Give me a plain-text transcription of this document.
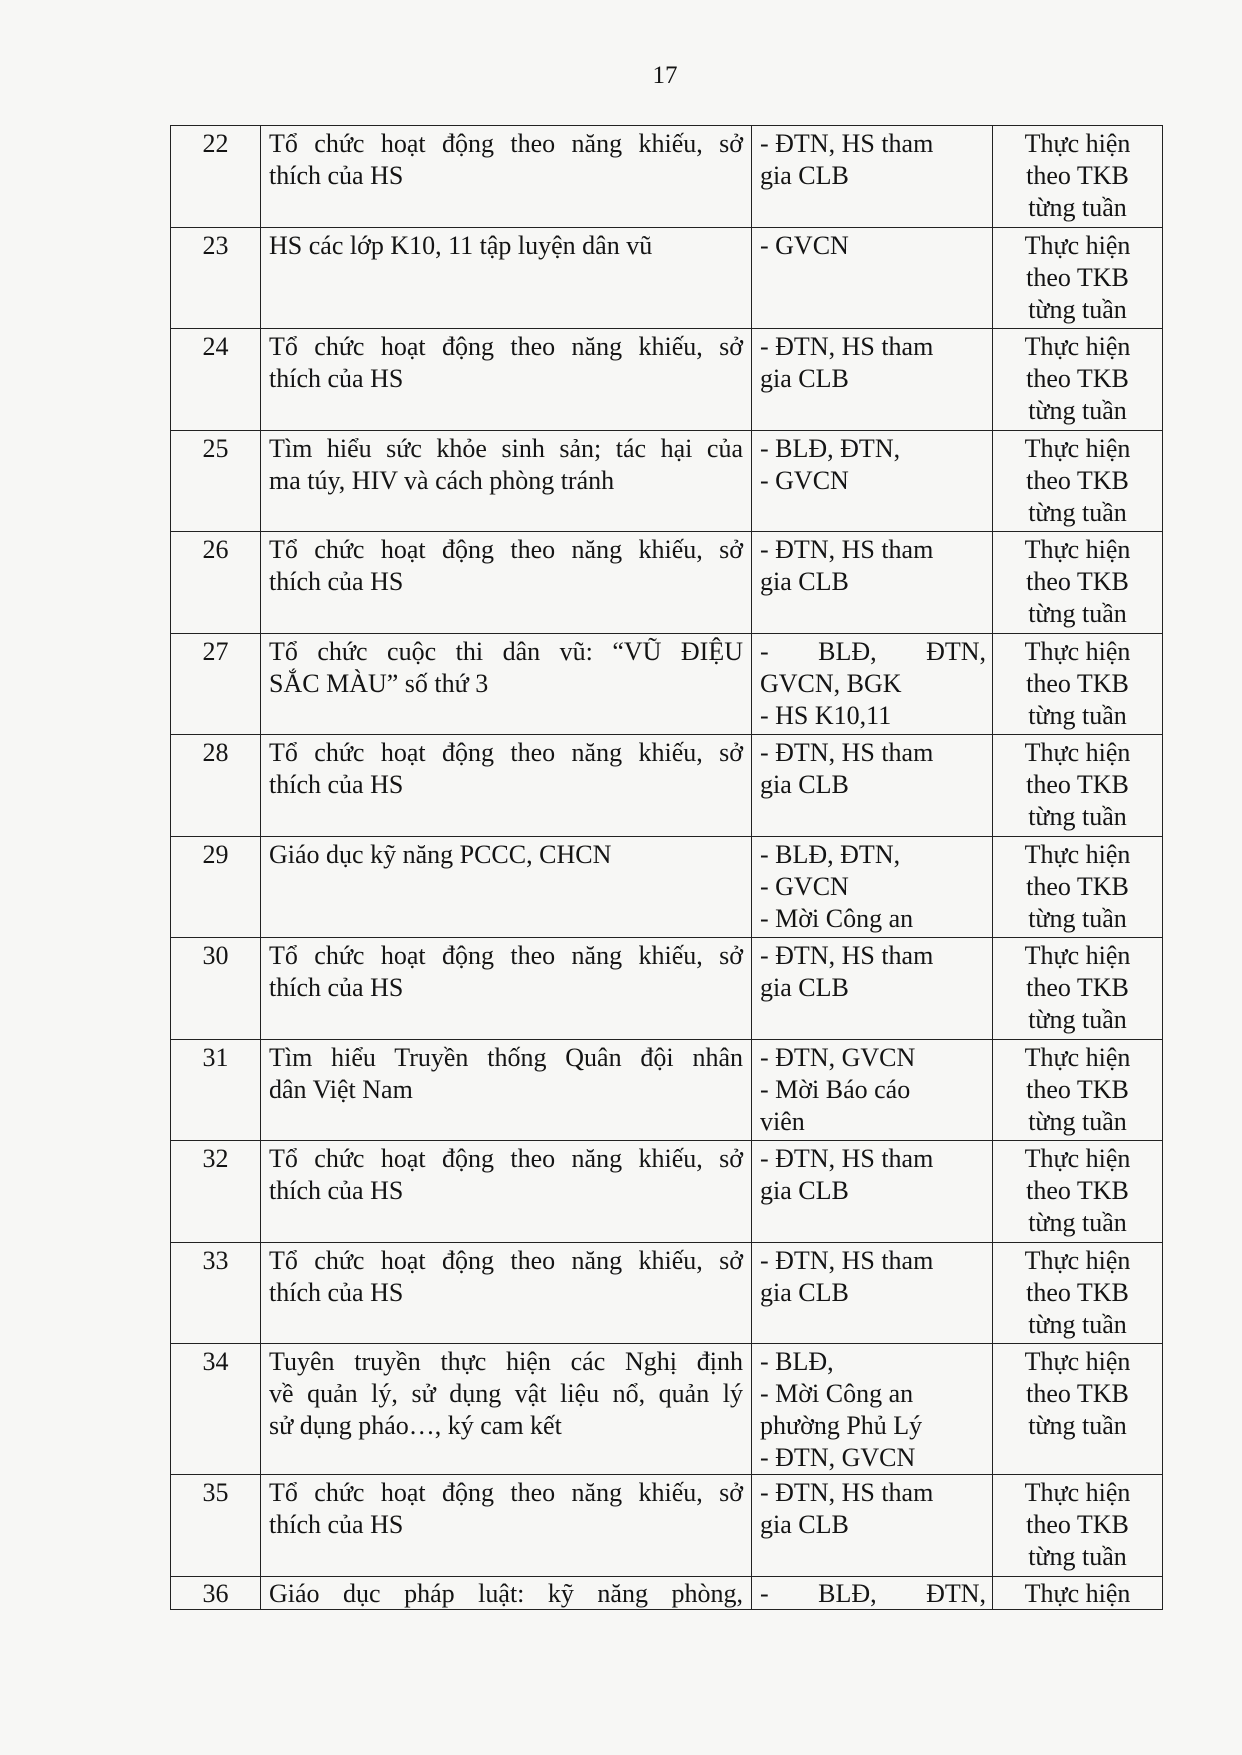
17
22	Tổ chức hoạt động theo năng khiếu, sở
thích của HS	- ĐTN, HS tham
gia CLB	Thực hiện
theo TKB
từng tuần

23	HS các lớp K10, 11 tập luyện dân vũ	- GVCN	Thực hiện
theo TKB
từng tuần

24	Tổ chức hoạt động theo năng khiếu, sở
thích của HS	- ĐTN, HS tham
gia CLB	Thực hiện
theo TKB
từng tuần

25	Tìm hiểu sức khỏe sinh sản; tác hại của
ma túy, HIV và cách phòng tránh	- BLĐ, ĐTN,
- GVCN	Thực hiện
theo TKB
từng tuần

26	Tổ chức hoạt động theo năng khiếu, sở
thích của HS	- ĐTN, HS tham
gia CLB	Thực hiện
theo TKB
từng tuần

27	Tổ chức cuộc thi dân vũ: “VŨ ĐIỆU
SẮC MÀU” số thứ 3	- BLĐ, ĐTN,
GVCN, BGK
- HS K10,11	Thực hiện
theo TKB
từng tuần

28	Tổ chức hoạt động theo năng khiếu, sở
thích của HS	- ĐTN, HS tham
gia CLB	Thực hiện
theo TKB
từng tuần

29	Giáo dục kỹ năng PCCC, CHCN	- BLĐ, ĐTN,
- GVCN
- Mời Công an	Thực hiện
theo TKB
từng tuần

30	Tổ chức hoạt động theo năng khiếu, sở
thích của HS	- ĐTN, HS tham
gia CLB	Thực hiện
theo TKB
từng tuần

31	Tìm hiểu Truyền thống Quân đội nhân
dân Việt Nam	- ĐTN, GVCN
- Mời Báo cáo
viên	Thực hiện
theo TKB
từng tuần

32	Tổ chức hoạt động theo năng khiếu, sở
thích của HS	- ĐTN, HS tham
gia CLB	Thực hiện
theo TKB
từng tuần

33	Tổ chức hoạt động theo năng khiếu, sở
thích của HS	- ĐTN, HS tham
gia CLB	Thực hiện
theo TKB
từng tuần

34	Tuyên truyền thực hiện các Nghị định
về quản lý, sử dụng vật liệu nổ, quản lý
sử dụng pháo…, ký cam kết	- BLĐ,
- Mời Công an
phường Phủ Lý
- ĐTN, GVCN	Thực hiện
theo TKB
từng tuần

35	Tổ chức hoạt động theo năng khiếu, sở
thích của HS	- ĐTN, HS tham
gia CLB	Thực hiện
theo TKB
từng tuần

36	Giáo dục pháp luật: kỹ năng phòng,	- BLĐ, ĐTN,	Thực hiện
